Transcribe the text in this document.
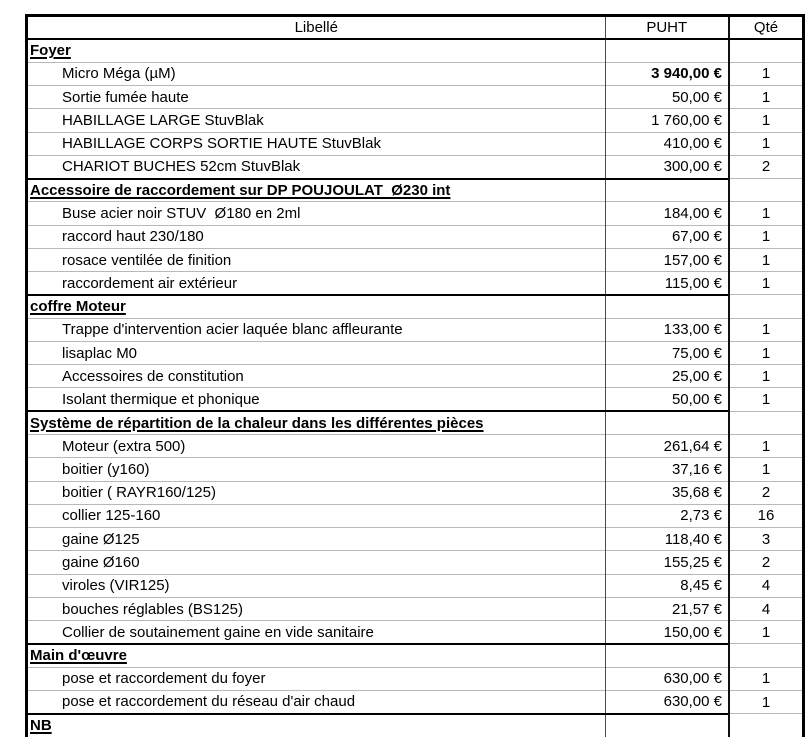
Libellé	PUHT	Qté
Foyer		
Micro Méga (µM)	3 940,00 €	1
Sortie fumée haute	50,00 €	1
HABILLAGE LARGE StuvBlak	1 760,00 €	1
HABILLAGE CORPS SORTIE HAUTE StuvBlak	410,00 €	1
CHARIOT BUCHES 52cm StuvBlak	300,00 €	2
Accessoire de raccordement sur DP POUJOULAT  Ø230 int		
Buse acier noir STUV  Ø180 en 2ml	184,00 €	1
raccord haut 230/180	67,00 €	1
rosace ventilée de finition	157,00 €	1
raccordement air extérieur	115,00 €	1
coffre Moteur		
Trappe d'intervention acier laquée blanc affleurante	133,00 €	1
lisaplac M0	75,00 €	1
Accessoires de constitution	25,00 €	1
Isolant thermique et phonique	50,00 €	1
Système de répartition de la chaleur dans les différentes pièces		
Moteur (extra 500)	261,64 €	1
boitier (y160)	37,16 €	1
boitier ( RAYR160/125)	35,68 €	2
collier 125-160	2,73 €	16
gaine Ø125	118,40 €	3
gaine Ø160	155,25 €	2
viroles (VIR125)	8,45 €	4
bouches réglables (BS125)	21,57 €	4
Collier de soutainement gaine en vide sanitaire	150,00 €	1
Main d'œuvre		
pose et raccordement du foyer	630,00 €	1
pose et raccordement du réseau d'air chaud	630,00 €	1
NB		
